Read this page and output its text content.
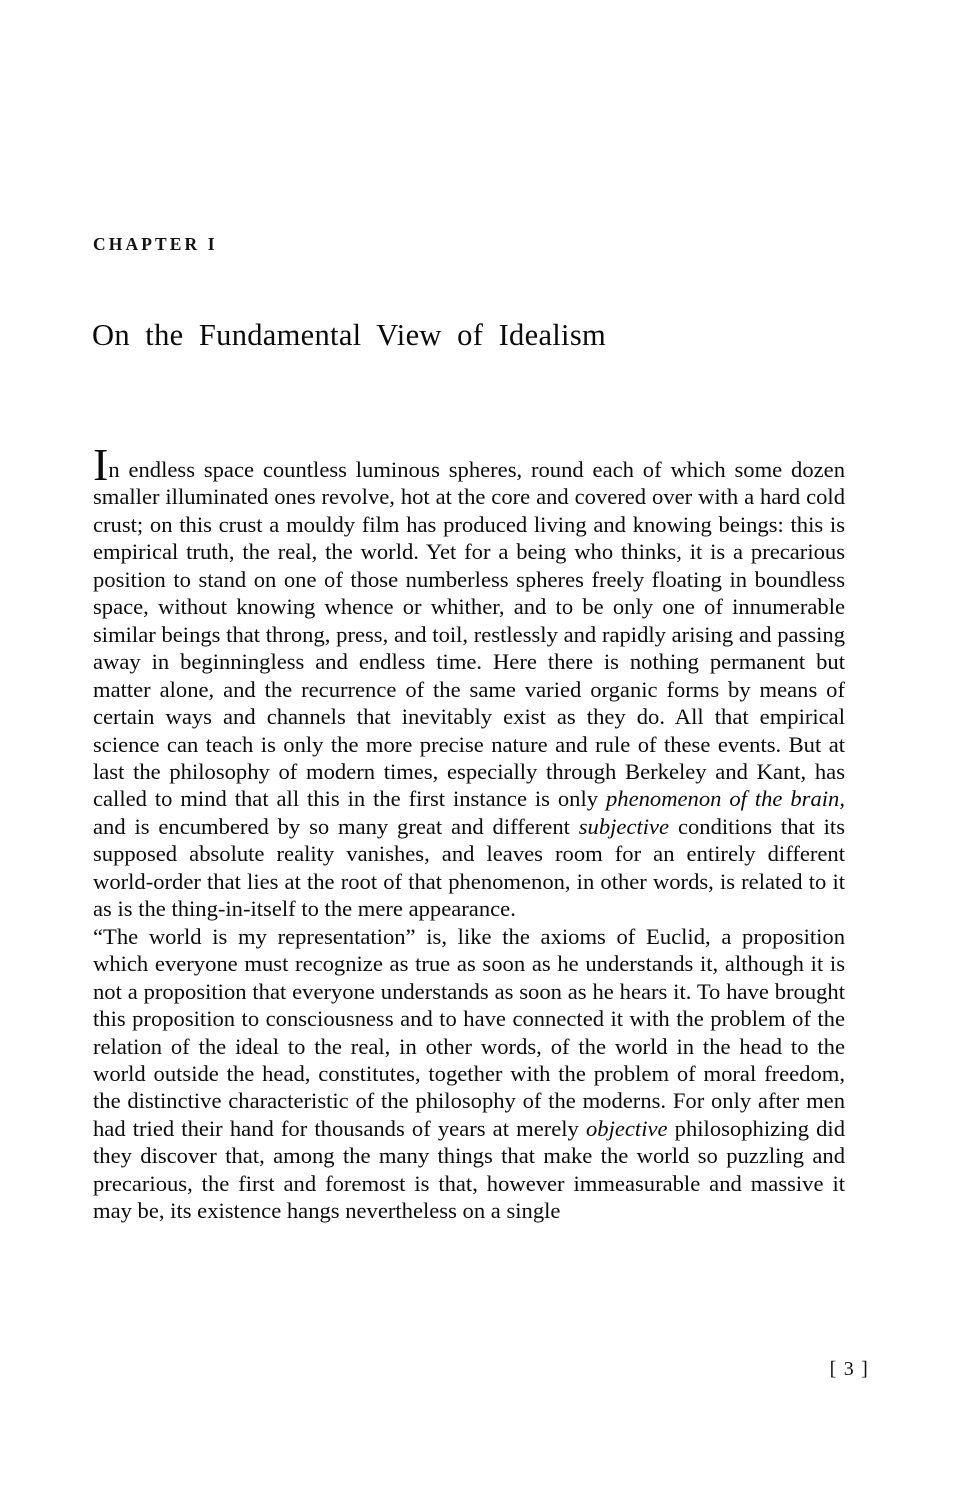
CHAPTER I
On the Fundamental View of Idealism

In endless space countless luminous spheres, round each of which some dozen smaller illuminated ones revolve, hot at the core and covered over with a hard cold crust; on this crust a mouldy film has produced living and knowing beings: this is empirical truth, the real, the world. Yet for a being who thinks, it is a precarious position to stand on one of those numberless spheres freely floating in boundless space, without knowing whence or whither, and to be only one of innumerable similar beings that throng, press, and toil, restlessly and rapidly arising and passing away in beginningless and endless time. Here there is nothing permanent but matter alone, and the recurrence of the same varied organic forms by means of certain ways and channels that inevitably exist as they do. All that empirical science can teach is only the more precise nature and rule of these events. But at last the philosophy of modern times, especially through Berkeley and Kant, has called to mind that all this in the first instance is only phenomenon of the brain, and is encumbered by so many great and different subjective conditions that its supposed absolute reality vanishes, and leaves room for an entirely different world-order that lies at the root of that phenomenon, in other words, is related to it as is the thing-in-itself to the mere appearance.

“The world is my representation” is, like the axioms of Euclid, a proposition which everyone must recognize as true as soon as he understands it, although it is not a proposition that everyone understands as soon as he hears it. To have brought this proposition to consciousness and to have connected it with the problem of the relation of the ideal to the real, in other words, of the world in the head to the world outside the head, constitutes, together with the problem of moral freedom, the distinctive characteristic of the philosophy of the moderns. For only after men had tried their hand for thousands of years at merely objective philosophizing did they discover that, among the many things that make the world so puzzling and precarious, the first and foremost is that, however immeasurable and massive it may be, its existence hangs nevertheless on a single

[ 3 ]
